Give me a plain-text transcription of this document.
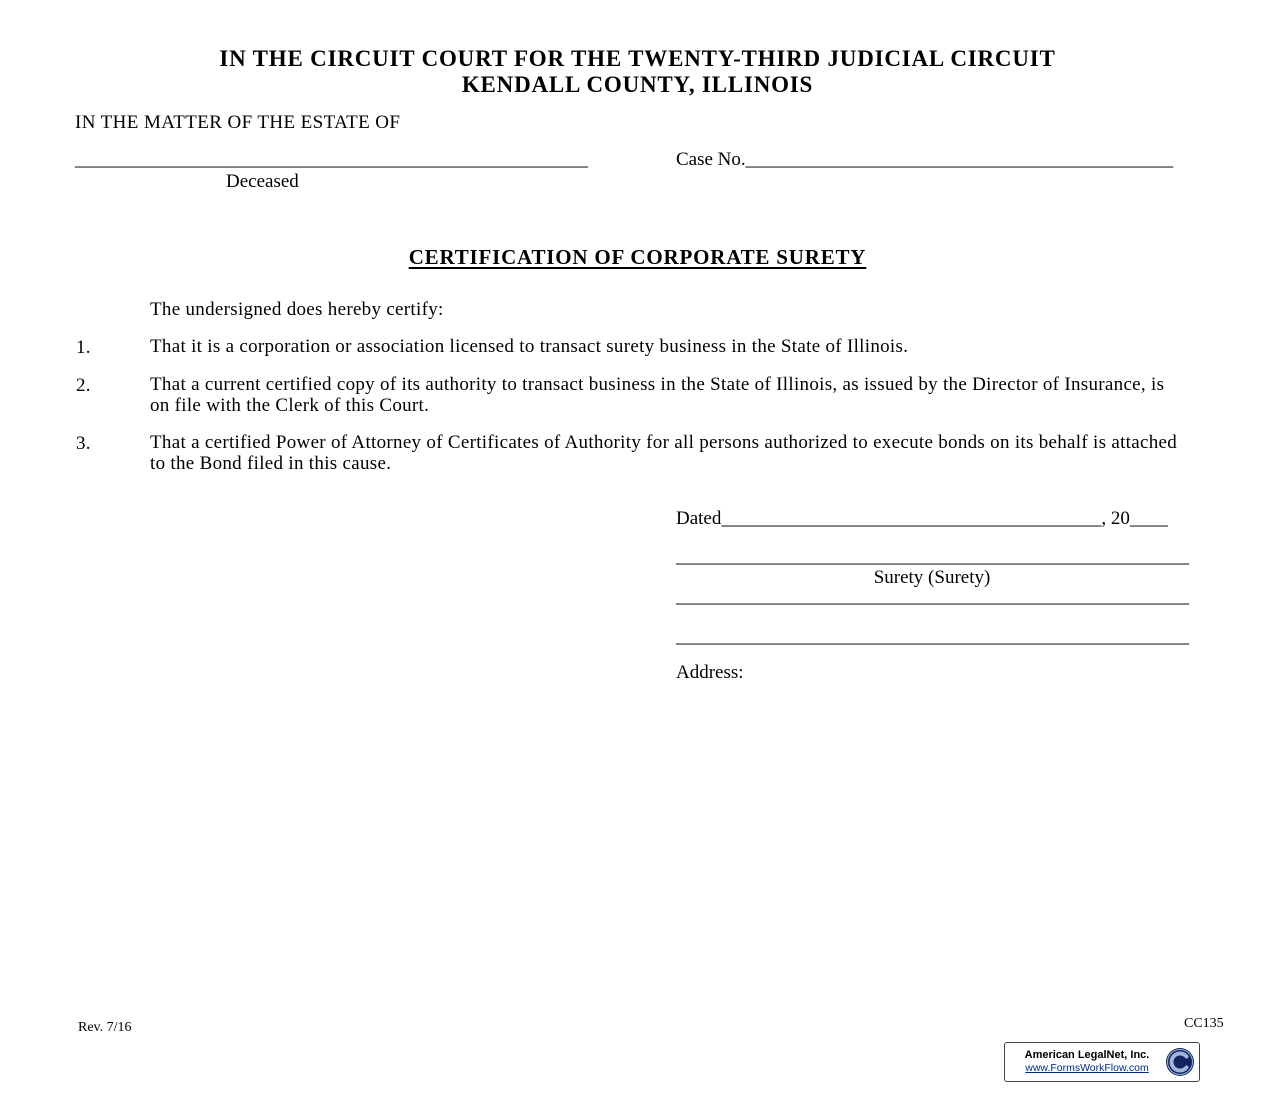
IN THE CIRCUIT COURT FOR THE TWENTY-THIRD JUDICIAL CIRCUIT
KENDALL COUNTY, ILLINOIS
IN THE MATTER OF THE ESTATE OF
______________________________________________________	Case No._____________________________________________
Deceased
CERTIFICATION OF CORPORATE SURETY
The undersigned does hereby certify:
1.	That it is a corporation or association licensed to transact surety business in the State of Illinois.
2.	That a current certified copy of its authority to transact business in the State of Illinois, as issued by the Director of Insurance, is on file with the Clerk of this Court.
3.	That a certified Power of Attorney of Certificates of Authority for all persons authorized to execute bonds on its behalf is attached to the Bond filed in this cause.
Dated________________________________________, 20____
______________________________________________________
Surety (Surety)
______________________________________________________
______________________________________________________
Address:
Rev. 7/16	CC135
American LegalNet, Inc.
www.FormsWorkFlow.com
